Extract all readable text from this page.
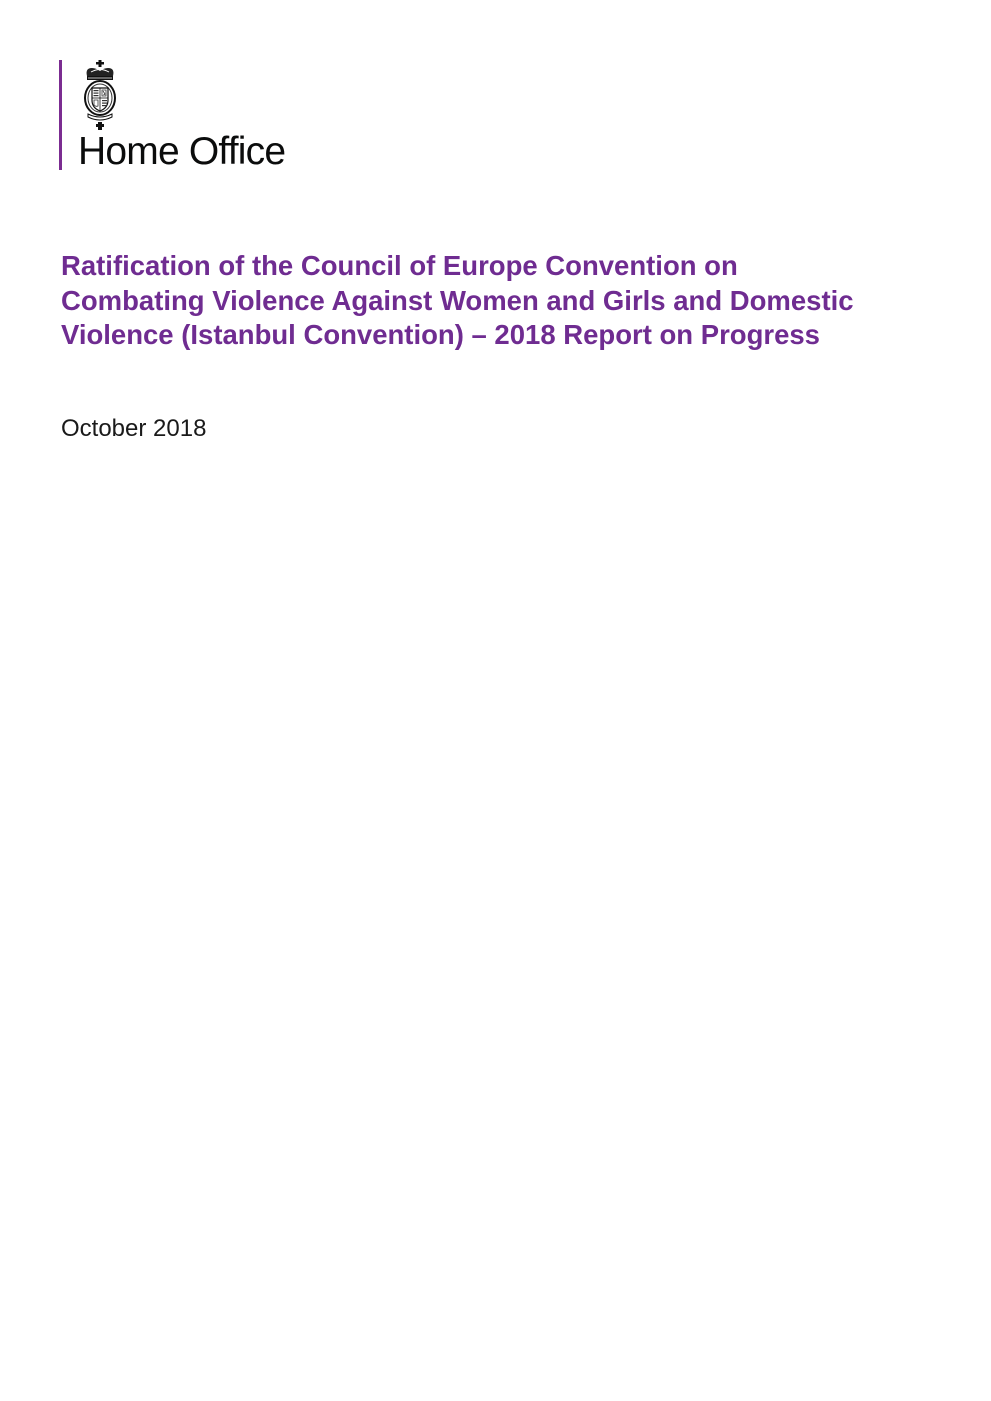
Home Office
Ratification of the Council of Europe Convention on
Combating Violence Against Women and Girls and Domestic
Violence (Istanbul Convention) – 2018 Report on Progress
October 2018
